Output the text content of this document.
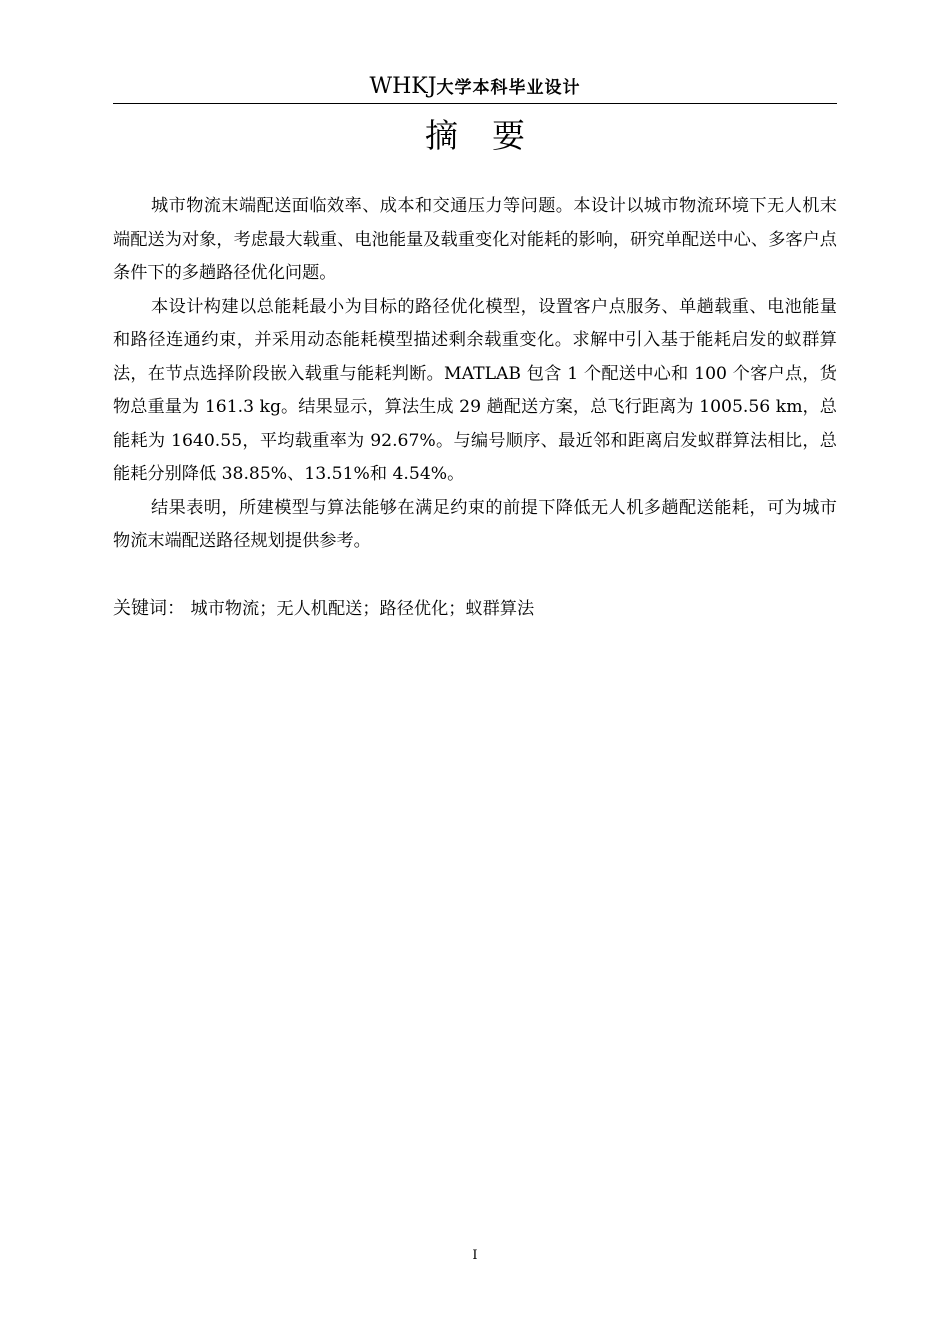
WHKJ大学本科毕业设计
摘要

城市物流末端配送面临效率、成本和交通压力等问题。本设计以城市物流环境下无人机末端配送为对象，考虑最大载重、电池能量及载重变化对能耗的影响，研究单配送中心、多客户点条件下的多趟路径优化问题。

本设计构建以总能耗最小为目标的路径优化模型，设置客户点服务、单趟载重、电池能量和路径连通约束，并采用动态能耗模型描述剩余载重变化。求解中引入基于能耗启发的蚁群算法，在节点选择阶段嵌入载重与能耗判断。MATLAB 包含 1 个配送中心和 100 个客户点，货物总重量为 161.3 kg。结果显示，算法生成 29 趟配送方案，总飞行距离为 1005.56 km，总能耗为 1640.55，平均载重率为 92.67%。与编号顺序、最近邻和距离启发蚁群算法相比，总能耗分别降低 38.85%、13.51%和 4.54%。

结果表明，所建模型与算法能够在满足约束的前提下降低无人机多趟配送能耗，可为城市物流末端配送路径规划提供参考。

关键词： 城市物流；无人机配送；路径优化；蚁群算法
I
